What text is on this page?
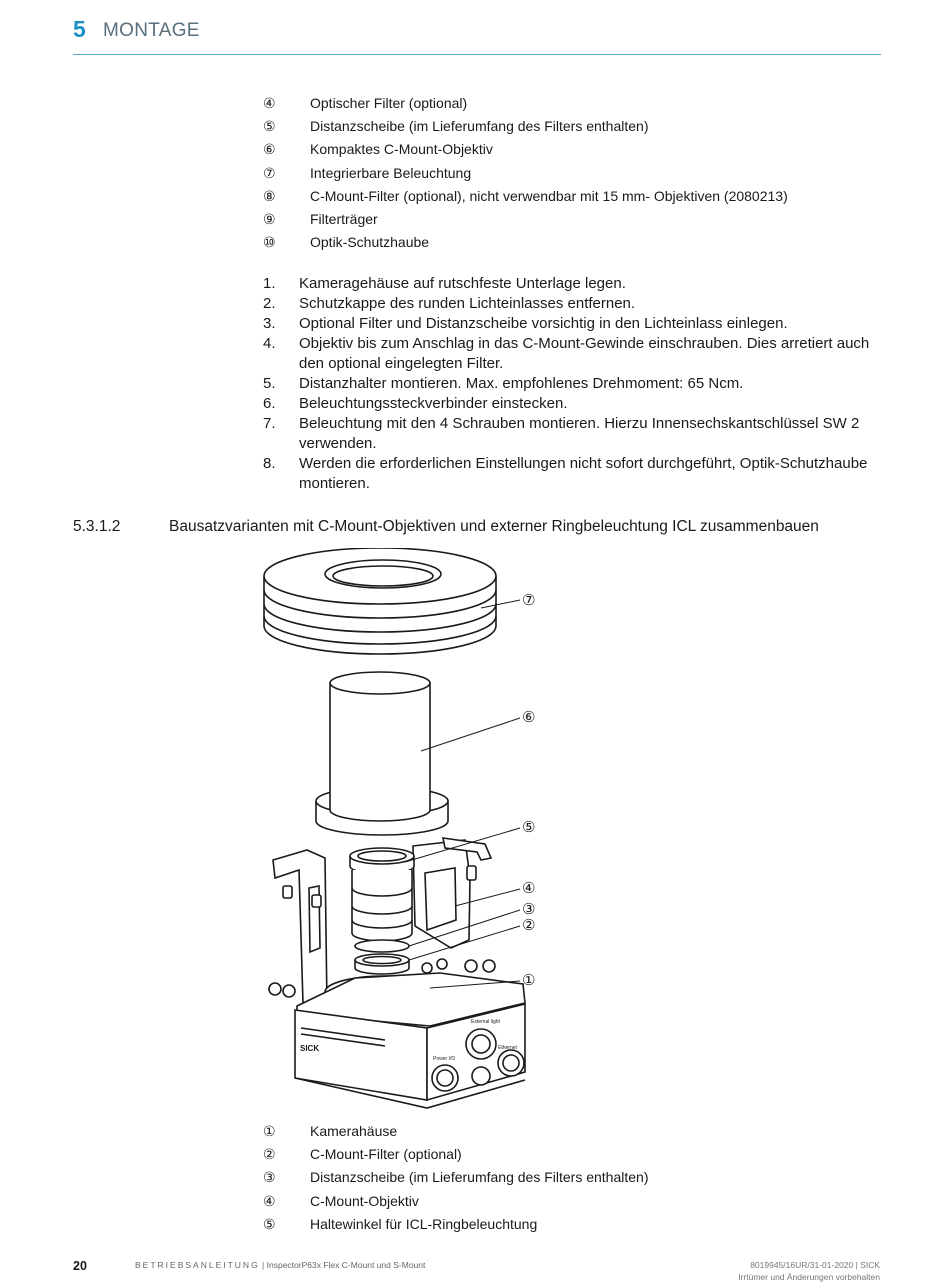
5 MONTAGE
④	Optischer Filter (optional)
⑤	Distanzscheibe (im Lieferumfang des Filters enthalten)
⑥	Kompaktes C-Mount-Objektiv
⑦	Integrierbare Beleuchtung
⑧	C-Mount-Filter (optional), nicht verwendbar mit 15 mm- Objektiven (2080213)
⑨	Filterträger
⑩	Optik-Schutzhaube
1. Kameragehäuse auf rutschfeste Unterlage legen.
2. Schutzkappe des runden Lichteinlasses entfernen.
3. Optional Filter und Distanzscheibe vorsichtig in den Lichteinlass einlegen.
4. Objektiv bis zum Anschlag in das C-Mount-Gewinde einschrauben. Dies arretiert auch den optional eingelegten Filter.
5. Distanzhalter montieren. Max. empfohlenes Drehmoment: 65 Ncm.
6. Beleuchtungssteckverbinder einstecken.
7. Beleuchtung mit den 4 Schrauben montieren. Hierzu Innensechskantschlüssel SW 2 verwenden.
8. Werden die erforderlichen Einstellungen nicht sofort durchgeführt, Optik-Schutzhaube montieren.
5.3.1.2	Bausatzvarianten mit C-Mount-Objektiven und externer Ringbeleuchtung ICL zusammenbauen
External light
Ethernet
Power I/O
SICK
⑦
⑥
⑤
④
③
②
①
①	Kamerahäuse
②	C-Mount-Filter (optional)
③	Distanzscheibe (im Lieferumfang des Filters enthalten)
④	C-Mount-Objektiv
⑤	Haltewinkel für ICL-Ringbeleuchtung
20	BETRIEBSANLEITUNG | InspectorP63x Flex C-Mount und S-Mount	8019945/16UR/31-01-2020 | SICK
Irrtümer und Änderungen vorbehalten
